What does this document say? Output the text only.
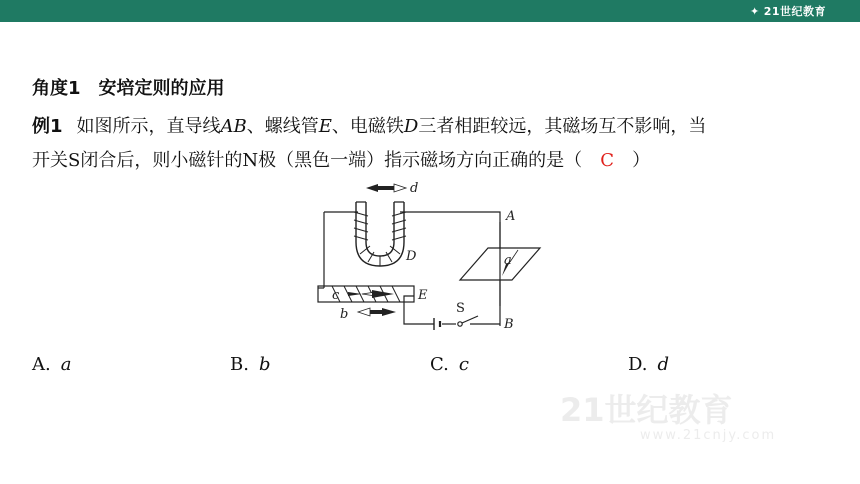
✦ 21世纪教育
角度1 安培定则的应用
例1 如图所示，直导线AB、螺线管E、电磁铁D三者相距较远，其磁场互不影响，当
开关S闭合后，则小磁针的N极（黑色一端）指示磁场方向正确的是（ C ）
d
A
D	a
c	E
S
b
B
A. a	B. b	C. c	D. d
21世纪教育
www.21cnjy.com
